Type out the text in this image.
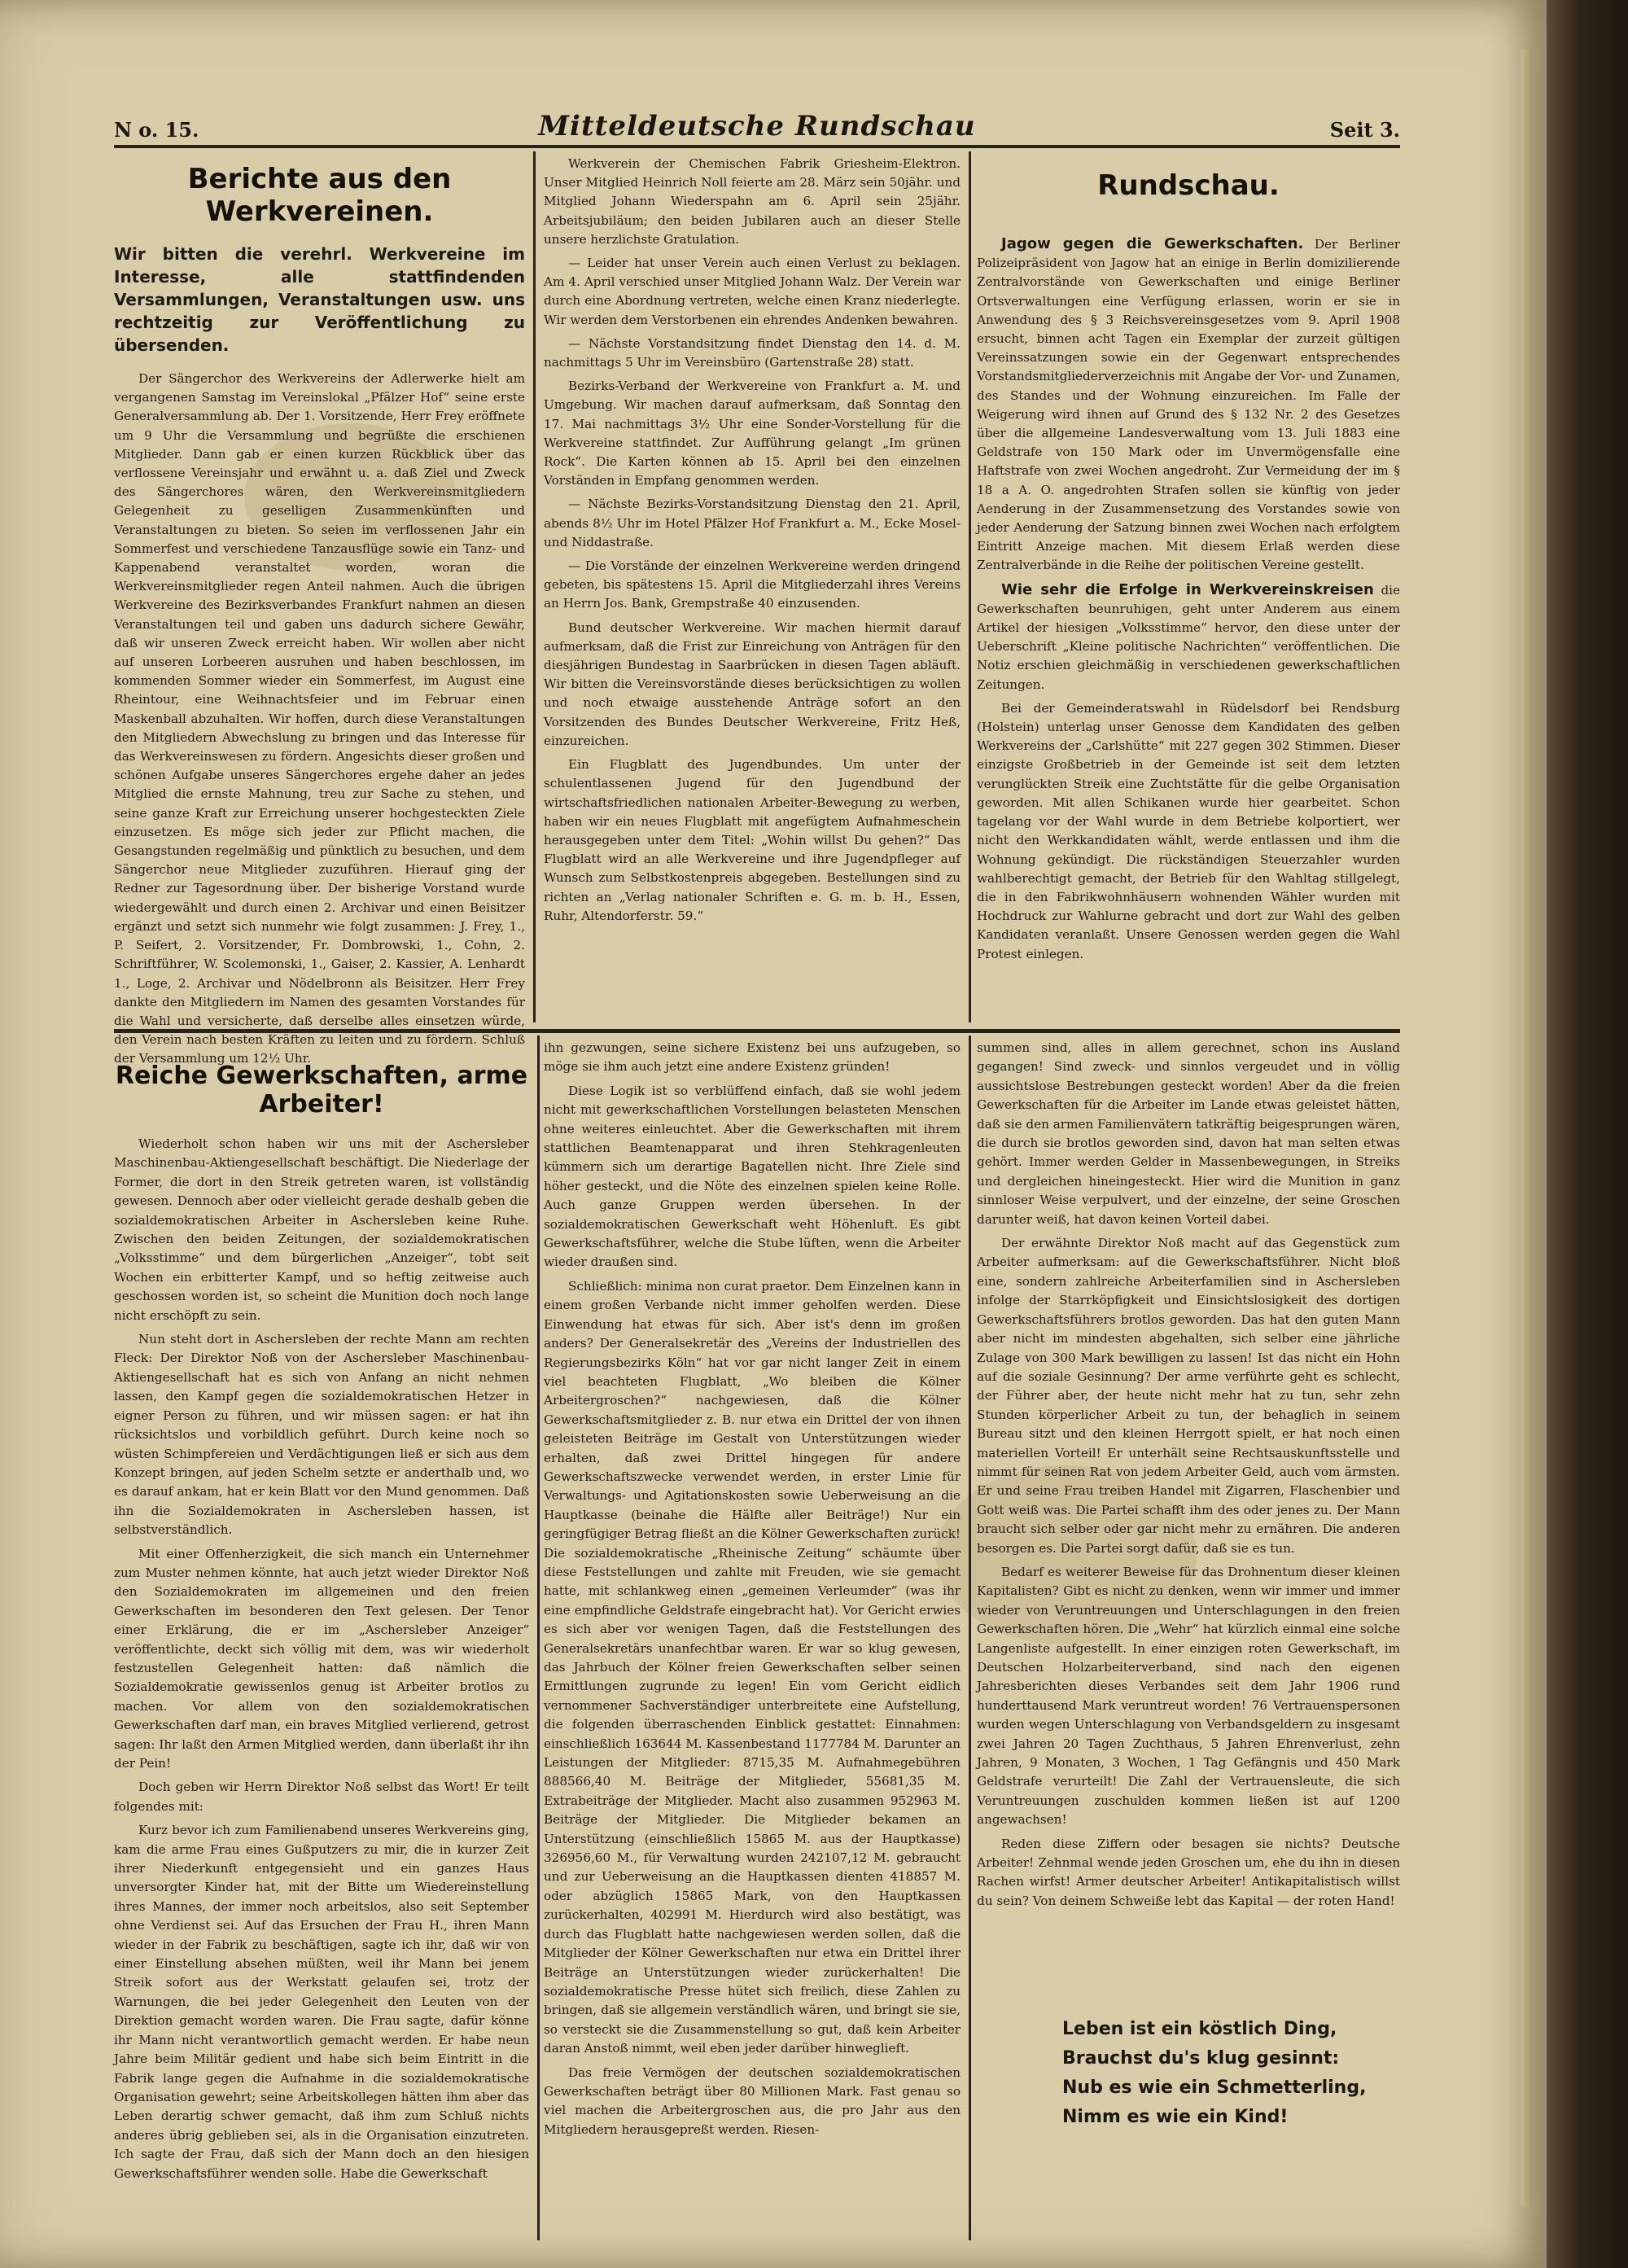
N o. 15.	Mitteldeutsche Rundschau	Seit 3.
Berichte aus den Werkvereinen.
Wir bitten die verehrl. Werkvereine im Interesse, alle stattfindenden Versammlungen, Veranstaltungen usw. uns rechtzeitig zur Veröffentlichung zu übersenden.

Der Sängerchor des Werkvereins der Adlerwerke hielt am vergangenen Samstag im Vereinslokal „Pfälzer Hof“ seine erste Generalversammlung ab. Der 1. Vorsitzende, Herr Frey eröffnete um 9 Uhr die Versammlung und begrüßte die erschienen Mitglieder. Dann gab er einen kurzen Rückblick über das verflossene Vereinsjahr und erwähnt u. a. daß Ziel und Zweck des Sängerchores wären, den Werkvereinsmitgliedern Gelegenheit zu geselligen Zusammenkünften und Veranstaltungen zu bieten. So seien im verflossenen Jahr ein Sommerfest und verschiedene Tanzausflüge sowie ein Tanz- und Kappenabend veranstaltet worden, woran die Werkvereinsmitglieder regen Anteil nahmen. Auch die übrigen Werkvereine des Bezirksverbandes Frankfurt nahmen an diesen Veranstaltungen teil und gaben uns dadurch sichere Gewähr, daß wir unseren Zweck erreicht haben. Wir wollen aber nicht auf unseren Lorbeeren ausruhen und haben beschlossen, im kommenden Sommer wieder ein Sommerfest, im August eine Rheintour, eine Weihnachtsfeier und im Februar einen Maskenball abzuhalten. Wir hoffen, durch diese Veranstaltungen den Mitgliedern Abwechslung zu bringen und das Interesse für das Werkvereinswesen zu fördern. Angesichts dieser großen und schönen Aufgabe unseres Sängerchores ergehe daher an jedes Mitglied die ernste Mahnung, treu zur Sache zu stehen, und seine ganze Kraft zur Erreichung unserer hochgesteckten Ziele einzusetzen. Es möge sich jeder zur Pflicht machen, die Gesangstunden regelmäßig und pünktlich zu besuchen, und dem Sängerchor neue Mitglieder zuzuführen. Hierauf ging der Redner zur Tagesordnung über. Der bisherige Vorstand wurde wiedergewählt und durch einen 2. Archivar und einen Beisitzer ergänzt und setzt sich nunmehr wie folgt zusammen: J. Frey, 1., P. Seifert, 2. Vorsitzender, Fr. Dombrowski, 1., Cohn, 2. Schriftführer, W. Scolemonski, 1., Gaiser, 2. Kassier, A. Lenhardt 1., Loge, 2. Archivar und Nödelbronn als Beisitzer. Herr Frey dankte den Mitgliedern im Namen des gesamten Vorstandes für die Wahl und versicherte, daß derselbe alles einsetzen würde, den Verein nach besten Kräften zu leiten und zu fördern. Schluß der Versammlung um 12½ Uhr.

Werkverein der Chemischen Fabrik Griesheim-Elektron. Unser Mitglied Heinrich Noll feierte am 28. März sein 50jähr. und Mitglied Johann Wiederspahn am 6. April sein 25jähr. Arbeitsjubiläum; den beiden Jubilaren auch an dieser Stelle unsere herzlichste Gratulation.

— Leider hat unser Verein auch einen Verlust zu beklagen. Am 4. April verschied unser Mitglied Johann Walz. Der Verein war durch eine Abordnung vertreten, welche einen Kranz niederlegte. Wir werden dem Verstorbenen ein ehrendes Andenken bewahren.

— Nächste Vorstandsitzung findet Dienstag den 14. d. M. nachmittags 5 Uhr im Vereinsbüro (Gartenstraße 28) statt.

Bezirks-Verband der Werkvereine von Frankfurt a. M. und Umgebung. Wir machen darauf aufmerksam, daß Sonntag den 17. Mai nachmittags 3½ Uhr eine Sonder-Vorstellung für die Werkvereine stattfindet. Zur Aufführung gelangt „Im grünen Rock“. Die Karten können ab 15. April bei den einzelnen Vorständen in Empfang genommen werden.

— Nächste Bezirks-Vorstandsitzung Dienstag den 21. April, abends 8½ Uhr im Hotel Pfälzer Hof Frankfurt a. M., Ecke Mosel- und Niddastraße.

— Die Vorstände der einzelnen Werkvereine werden dringend gebeten, bis spätestens 15. April die Mitgliederzahl ihres Vereins an Herrn Jos. Bank, Grempstraße 40 einzusenden.

Bund deutscher Werkvereine. Wir machen hiermit darauf aufmerksam, daß die Frist zur Einreichung von Anträgen für den diesjährigen Bundestag in Saarbrücken in diesen Tagen abläuft. Wir bitten die Vereinsvorstände dieses berücksichtigen zu wollen und noch etwaige ausstehende Anträge sofort an den Vorsitzenden des Bundes Deutscher Werkvereine, Fritz Heß, einzureichen.

Ein Flugblatt des Jugendbundes. Um unter der schulentlassenen Jugend für den Jugendbund der wirtschaftsfriedlichen nationalen Arbeiter-Bewegung zu werben, haben wir ein neues Flugblatt mit angefügtem Aufnahmeschein herausgegeben unter dem Titel: „Wohin willst Du gehen?“ Das Flugblatt wird an alle Werkvereine und ihre Jugendpfleger auf Wunsch zum Selbstkostenpreis abgegeben. Bestellungen sind zu richten an „Verlag nationaler Schriften e. G. m. b. H., Essen, Ruhr, Altendorferstr. 59.“

Rundschau.

Jagow gegen die Gewerkschaften. Der Berliner Polizeipräsident von Jagow hat an einige in Berlin domizilierende Zentralvorstände von Gewerkschaften und einige Berliner Ortsverwaltungen eine Verfügung erlassen, worin er sie in Anwendung des § 3 Reichsvereinsgesetzes vom 9. April 1908 ersucht, binnen acht Tagen ein Exemplar der zurzeit gültigen Vereinssatzungen sowie ein der Gegenwart entsprechendes Vorstandsmitgliederverzeichnis mit Angabe der Vor- und Zunamen, des Standes und der Wohnung einzureichen. Im Falle der Weigerung wird ihnen auf Grund des § 132 Nr. 2 des Gesetzes über die allgemeine Landesverwaltung vom 13. Juli 1883 eine Geldstrafe von 150 Mark oder im Unvermögensfalle eine Haftstrafe von zwei Wochen angedroht. Zur Vermeidung der im § 18 a A. O. angedrohten Strafen sollen sie künftig von jeder Aenderung in der Zusammensetzung des Vorstandes sowie von jeder Aenderung der Satzung binnen zwei Wochen nach erfolgtem Eintritt Anzeige machen. Mit diesem Erlaß werden diese Zentralverbände in die Reihe der politischen Vereine gestellt.

Wie sehr die Erfolge in Werkvereinskreisen die Gewerkschaften beunruhigen, geht unter Anderem aus einem Artikel der hiesigen „Volksstimme“ hervor, den diese unter der Ueberschrift „Kleine politische Nachrichten“ veröffentlichen. Die Notiz erschien gleichmäßig in verschiedenen gewerkschaftlichen Zeitungen.

Bei der Gemeinderatswahl in Rüdelsdorf bei Rendsburg (Holstein) unterlag unser Genosse dem Kandidaten des gelben Werkvereins der „Carlshütte“ mit 227 gegen 302 Stimmen. Dieser einzigste Großbetrieb in der Gemeinde ist seit dem letzten verunglückten Streik eine Zuchtstätte für die gelbe Organisation geworden. Mit allen Schikanen wurde hier gearbeitet. Schon tagelang vor der Wahl wurde in dem Betriebe kolportiert, wer nicht den Werkkandidaten wählt, werde entlassen und ihm die Wohnung gekündigt. Die rückständigen Steuerzahler wurden wahlberechtigt gemacht, der Betrieb für den Wahltag stillgelegt, die in den Fabrikwohnhäusern wohnenden Wähler wurden mit Hochdruck zur Wahlurne gebracht und dort zur Wahl des gelben Kandidaten veranlaßt. Unsere Genossen werden gegen die Wahl Protest einlegen.

Reiche Gewerkschaften, arme Arbeiter!

Wiederholt schon haben wir uns mit der Aschersleber Maschinenbau-Aktiengesellschaft beschäftigt. Die Niederlage der Former, die dort in den Streik getreten waren, ist vollständig gewesen. Dennoch aber oder vielleicht gerade deshalb geben die sozialdemokratischen Arbeiter in Aschersleben keine Ruhe. Zwischen den beiden Zeitungen, der sozialdemokratischen „Volksstimme“ und dem bürgerlichen „Anzeiger“, tobt seit Wochen ein erbitterter Kampf, und so heftig zeitweise auch geschossen worden ist, so scheint die Munition doch noch lange nicht erschöpft zu sein.

Nun steht dort in Aschersleben der rechte Mann am rechten Fleck: Der Direktor Noß von der Aschersleber Maschinenbau-Aktiengesellschaft hat es sich von Anfang an nicht nehmen lassen, den Kampf gegen die sozialdemokratischen Hetzer in eigner Person zu führen, und wir müssen sagen: er hat ihn rücksichtslos und vorbildlich geführt. Durch keine noch so wüsten Schimpfereien und Verdächtigungen ließ er sich aus dem Konzept bringen, auf jeden Schelm setzte er anderthalb und, wo es darauf ankam, hat er kein Blatt vor den Mund genommen. Daß ihn die Sozialdemokraten in Aschersleben hassen, ist selbstverständlich.

Mit einer Offenherzigkeit, die sich manch ein Unternehmer zum Muster nehmen könnte, hat auch jetzt wieder Direktor Noß den Sozialdemokraten im allgemeinen und den freien Gewerkschaften im besonderen den Text gelesen. Der Tenor einer Erklärung, die er im „Aschersleber Anzeiger“ veröffentlichte, deckt sich völlig mit dem, was wir wiederholt festzustellen Gelegenheit hatten: daß nämlich die Sozialdemokratie gewissenlos genug ist Arbeiter brotlos zu machen. Vor allem von den sozialdemokratischen Gewerkschaften darf man, ein braves Mitglied verlierend, getrost sagen: Ihr laßt den Armen Mitglied werden, dann überlaßt ihr ihn der Pein!

Doch geben wir Herrn Direktor Noß selbst das Wort! Er teilt folgendes mit:

Kurz bevor ich zum Familienabend unseres Werkvereins ging, kam die arme Frau eines Gußputzers zu mir, die in kurzer Zeit ihrer Niederkunft entgegensieht und ein ganzes Haus unversorgter Kinder hat, mit der Bitte um Wiedereinstellung ihres Mannes, der immer noch arbeitslos, also seit September ohne Verdienst sei. Auf das Ersuchen der Frau H., ihren Mann wieder in der Fabrik zu beschäftigen, sagte ich ihr, daß wir von einer Einstellung absehen müßten, weil ihr Mann bei jenem Streik sofort aus der Werkstatt gelaufen sei, trotz der Warnungen, die bei jeder Gelegenheit den Leuten von der Direktion gemacht worden waren. Die Frau sagte, dafür könne ihr Mann nicht verantwortlich gemacht werden. Er habe neun Jahre beim Militär gedient und habe sich beim Eintritt in die Fabrik lange gegen die Aufnahme in die sozialdemokratische Organisation gewehrt; seine Arbeitskollegen hätten ihm aber das Leben derartig schwer gemacht, daß ihm zum Schluß nichts anderes übrig geblieben sei, als in die Organisation einzutreten. Ich sagte der Frau, daß sich der Mann doch an den hiesigen Gewerkschaftsführer wenden solle. Habe die Gewerkschaft

ihn gezwungen, seine sichere Existenz bei uns aufzugeben, so möge sie ihm auch jetzt eine andere Existenz gründen!

Diese Logik ist so verblüffend einfach, daß sie wohl jedem nicht mit gewerkschaftlichen Vorstellungen belasteten Menschen ohne weiteres einleuchtet. Aber die Gewerkschaften mit ihrem stattlichen Beamtenapparat und ihren Stehkragenleuten kümmern sich um derartige Bagatellen nicht. Ihre Ziele sind höher gesteckt, und die Nöte des einzelnen spielen keine Rolle. Auch ganze Gruppen werden übersehen. In der sozialdemokratischen Gewerkschaft weht Höhenluft. Es gibt Gewerkschaftsführer, welche die Stube lüften, wenn die Arbeiter wieder draußen sind.

Schließlich: minima non curat praetor. Dem Einzelnen kann in einem großen Verbande nicht immer geholfen werden. Diese Einwendung hat etwas für sich. Aber ist's denn im großen anders? Der Generalsekretär des „Vereins der Industriellen des Regierungsbezirks Köln“ hat vor gar nicht langer Zeit in einem viel beachteten Flugblatt, „Wo bleiben die Kölner Arbeitergroschen?“ nachgewiesen, daß die Kölner Gewerkschaftsmitglieder z. B. nur etwa ein Drittel der von ihnen geleisteten Beiträge im Gestalt von Unterstützungen wieder erhalten, daß zwei Drittel hingegen für andere Gewerkschaftszwecke verwendet werden, in erster Linie für Verwaltungs- und Agitationskosten sowie Ueberweisung an die Hauptkasse (beinahe die Hälfte aller Beiträge!) Nur ein geringfügiger Betrag fließt an die Kölner Gewerkschaften zurück! Die sozialdemokratische „Rheinische Zeitung“ schäumte über diese Feststellungen und zahlte mit Freuden, wie sie gemacht hatte, mit schlankweg einen „gemeinen Verleumder“ (was ihr eine empfindliche Geldstrafe eingebracht hat). Vor Gericht erwies es sich aber vor wenigen Tagen, daß die Feststellungen des Generalsekretärs unanfechtbar waren. Er war so klug gewesen, das Jahrbuch der Kölner freien Gewerkschaften selber seinen Ermittlungen zugrunde zu legen! Ein vom Gericht eidlich vernommener Sachverständiger unterbreitete eine Aufstellung, die folgenden überraschenden Einblick gestattet: Einnahmen: einschließlich 163644 M. Kassenbestand 1177784 M. Darunter an Leistungen der Mitglieder: 8715,35 M. Aufnahmegebühren 888566,40 M. Beiträge der Mitglieder, 55681,35 M. Extrabeiträge der Mitglieder. Macht also zusammen 952963 M. Beiträge der Mitglieder. Die Mitglieder bekamen an Unterstützung (einschließlich 15865 M. aus der Hauptkasse) 326956,60 M., für Verwaltung wurden 242107,12 M. gebraucht und zur Ueberweisung an die Hauptkassen dienten 418857 M. oder abzüglich 15865 Mark, von den Hauptkassen zurückerhalten, 402991 M. Hierdurch wird also bestätigt, was durch das Flugblatt hatte nachgewiesen werden sollen, daß die Mitglieder der Kölner Gewerkschaften nur etwa ein Drittel ihrer Beiträge an Unterstützungen wieder zurückerhalten! Die sozialdemokratische Presse hütet sich freilich, diese Zahlen zu bringen, daß sie allgemein verständlich wären, und bringt sie sie, so versteckt sie die Zusammenstellung so gut, daß kein Arbeiter daran Anstoß nimmt, weil eben jeder darüber hinweglieft.

Das freie Vermögen der deutschen sozialdemokratischen Gewerkschaften beträgt über 80 Millionen Mark. Fast genau so viel machen die Arbeitergroschen aus, die pro Jahr aus den Mitgliedern herausgepreßt werden. Riesen-

summen sind, alles in allem gerechnet, schon ins Ausland gegangen! Sind zweck- und sinnlos vergeudet und in völlig aussichtslose Bestrebungen gesteckt worden! Aber da die freien Gewerkschaften für die Arbeiter im Lande etwas geleistet hätten, daß sie den armen Familienvätern tatkräftig beigesprungen wären, die durch sie brotlos geworden sind, davon hat man selten etwas gehört. Immer werden Gelder in Massenbewegungen, in Streiks und dergleichen hineingesteckt. Hier wird die Munition in ganz sinnloser Weise verpulvert, und der einzelne, der seine Groschen darunter weiß, hat davon keinen Vorteil dabei.

Der erwähnte Direktor Noß macht auf das Gegenstück zum Arbeiter aufmerksam: auf die Gewerkschaftsführer. Nicht bloß eine, sondern zahlreiche Arbeiterfamilien sind in Aschersleben infolge der Starrköpfigkeit und Einsichtslosigkeit des dortigen Gewerkschaftsführers brotlos geworden. Das hat den guten Mann aber nicht im mindesten abgehalten, sich selber eine jährliche Zulage von 300 Mark bewilligen zu lassen! Ist das nicht ein Hohn auf die soziale Gesinnung? Der arme verführte geht es schlecht, der Führer aber, der heute nicht mehr hat zu tun, sehr zehn Stunden körperlicher Arbeit zu tun, der behaglich in seinem Bureau sitzt und den kleinen Herrgott spielt, er hat noch einen materiellen Vorteil! Er unterhält seine Rechtsauskunftsstelle und nimmt für seinen Rat von jedem Arbeiter Geld, auch vom ärmsten. Er und seine Frau treiben Handel mit Zigarren, Flaschenbier und Gott weiß was. Die Partei schafft ihm des oder jenes zu. Der Mann braucht sich selber oder gar nicht mehr zu ernähren. Die anderen besorgen es. Die Partei sorgt dafür, daß sie es tun.

Bedarf es weiterer Beweise für das Drohnentum dieser kleinen Kapitalisten? Gibt es nicht zu denken, wenn wir immer und immer wieder von Veruntreuungen und Unterschlagungen in den freien Gewerkschaften hören. Die „Wehr“ hat kürzlich einmal eine solche Langenliste aufgestellt. In einer einzigen roten Gewerkschaft, im Deutschen Holzarbeiterverband, sind nach den eigenen Jahresberichten dieses Verbandes seit dem Jahr 1906 rund hunderttausend Mark veruntreut worden! 76 Vertrauenspersonen wurden wegen Unterschlagung von Verbandsgeldern zu insgesamt zwei Jahren 20 Tagen Zuchthaus, 5 Jahren Ehrenverlust, zehn Jahren, 9 Monaten, 3 Wochen, 1 Tag Gefängnis und 450 Mark Geldstrafe verurteilt! Die Zahl der Vertrauensleute, die sich Veruntreuungen zuschulden kommen ließen ist auf 1200 angewachsen!

Reden diese Ziffern oder besagen sie nichts? Deutsche Arbeiter! Zehnmal wende jeden Groschen um, ehe du ihn in diesen Rachen wirfst! Armer deutscher Arbeiter! Antikapitalistisch willst du sein? Von deinem Schweiße lebt das Kapital — der roten Hand!

Leben ist ein köstlich Ding,
Brauchst du's klug gesinnt:
Nub es wie ein Schmetterling,
Nimm es wie ein Kind!
